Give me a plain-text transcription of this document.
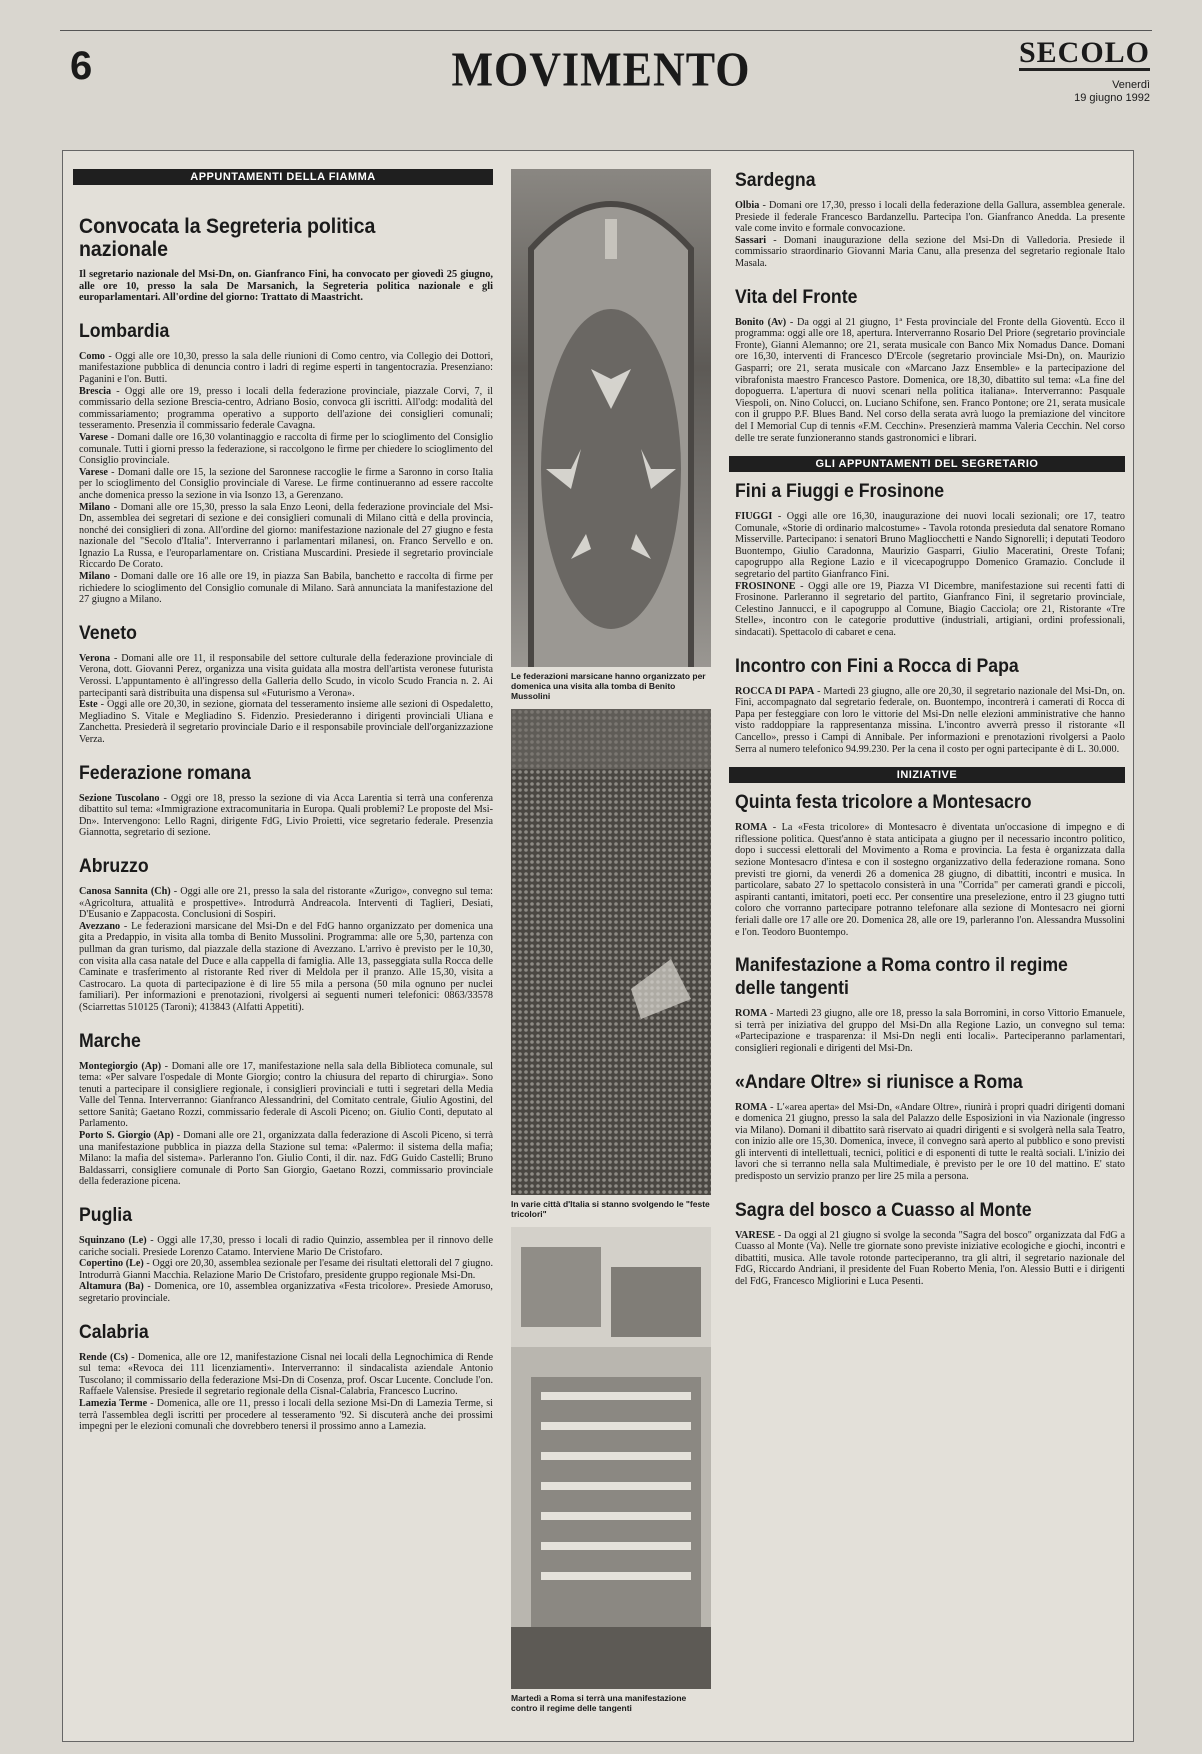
6	MOVIMENTO	SECOLO
Venerdì
19 giugno 1992
APPUNTAMENTI DELLA FIAMMA
Convocata la Segreteria politica nazionale

Il segretario nazionale del Msi-Dn, on. Gianfranco Fini, ha convocato per giovedì 25 giugno, alle ore 10, presso la sala De Marsanich, la Segreteria politica nazionale e gli europarlamentari. All'ordine del giorno: Trattato di Maastricht.

Lombardia

Como - Oggi alle ore 10,30, presso la sala delle riunioni di Como centro, via Collegio dei Dottori, manifestazione pubblica di denuncia contro i ladri di regime esperti in tangentocrazia. Presenziano: Paganini e l'on. Butti.

Brescia - Oggi alle ore 19, presso i locali della federazione provinciale, piazzale Corvi, 7, il commissario della sezione Brescia-centro, Adriano Bosio, convoca gli iscritti. All'odg: modalità del commissariamento; programma operativo a supporto dell'azione dei consiglieri comunali; tesseramento. Presenzia il commissario federale Cavagna.

Varese - Domani dalle ore 16,30 volantinaggio e raccolta di firme per lo scioglimento del Consiglio comunale. Tutti i giorni presso la federazione, si raccolgono le firme per chiedere lo scioglimento del Consiglio provinciale.

Varese - Domani dalle ore 15, la sezione del Saronnese raccoglie le firme a Saronno in corso Italia per lo scioglimento del Consiglio provinciale di Varese. Le firme continueranno ad essere raccolte anche domenica presso la sezione in via Isonzo 13, a Gerenzano.

Milano - Domani alle ore 15,30, presso la sala Enzo Leoni, della federazione provinciale del Msi-Dn, assemblea dei segretari di sezione e dei consiglieri comunali di Milano città e della provincia, nonché dei consiglieri di zona. All'ordine del giorno: manifestazione nazionale del 27 giugno e festa nazionale del "Secolo d'Italia". Interverranno i parlamentari milanesi, on. Franco Servello e on. Ignazio La Russa, e l'europarlamentare on. Cristiana Muscardini. Presiede il segretario provinciale Riccardo De Corato.

Milano - Domani dalle ore 16 alle ore 19, in piazza San Babila, banchetto e raccolta di firme per richiedere lo scioglimento del Consiglio comunale di Milano. Sarà annunciata la manifestazione del 27 giugno a Milano.

Veneto

Verona - Domani alle ore 11, il responsabile del settore culturale della federazione provinciale di Verona, dott. Giovanni Perez, organizza una visita guidata alla mostra dell'artista veronese futurista Verossi. L'appuntamento è all'ingresso della Galleria dello Scudo, in vicolo Scudo Francia n. 2. Ai partecipanti sarà distribuita una dispensa sul «Futurismo a Verona».

Este - Oggi alle ore 20,30, in sezione, giornata del tesseramento insieme alle sezioni di Ospedaletto, Megliadino S. Vitale e Megliadino S. Fidenzio. Presiederanno i dirigenti provinciali Uliana e Zanchetta. Presiederà il segretario provinciale Dario e il responsabile provinciale dell'organizzazione Verza.

Federazione romana

Sezione Tuscolano - Oggi ore 18, presso la sezione di via Acca Larentia si terrà una conferenza dibattito sul tema: «Immigrazione extracomunitaria in Europa. Quali problemi? Le proposte del Msi-Dn». Intervengono: Lello Ragni, dirigente FdG, Livio Proietti, vice segretario federale. Presenzia Giannotta, segretario di sezione.

Abruzzo

Canosa Sannita (Ch) - Oggi alle ore 21, presso la sala del ristorante «Zurigo», convegno sul tema: «Agricoltura, attualità e prospettive». Introdurrà Andreacola. Interventi di Taglieri, Desiati, D'Eusanio e Zappacosta. Conclusioni di Sospiri.

Avezzano - Le federazioni marsicane del Msi-Dn e del FdG hanno organizzato per domenica una gita a Predappio, in visita alla tomba di Benito Mussolini. Programma: alle ore 5,30, partenza con pullman da gran turismo, dal piazzale della stazione di Avezzano. L'arrivo è previsto per le 10,30, con visita alla casa natale del Duce e alla cappella di famiglia. Alle 13, passeggiata sulla Rocca delle Caminate e trasferimento al ristorante Red river di Meldola per il pranzo. Alle 15,30, visita a Castrocaro. La quota di partecipazione è di lire 55 mila a persona (50 mila ognuno per nuclei familiari). Per informazioni e prenotazioni, rivolgersi ai seguenti numeri telefonici: 0863/33578 (Sciarrettas 510125 (Taroni); 413843 (Alfatti Appetiti).

Marche

Montegiorgio (Ap) - Domani alle ore 17, manifestazione nella sala della Biblioteca comunale, sul tema: «Per salvare l'ospedale di Monte Giorgio; contro la chiusura del reparto di chirurgia». Sono tenuti a partecipare il consigliere regionale, i consiglieri provinciali e tutti i segretari della Media Valle del Tenna. Interverranno: Gianfranco Alessandrini, del Comitato centrale, Giulio Agostini, del settore Sanità; Gaetano Rozzi, commissario federale di Ascoli Piceno; on. Giulio Conti, deputato al Parlamento.

Porto S. Giorgio (Ap) - Domani alle ore 21, organizzata dalla federazione di Ascoli Piceno, si terrà una manifestazione pubblica in piazza della Stazione sul tema: «Palermo: il sistema della mafia; Milano: la mafia del sistema». Parleranno l'on. Giulio Conti, il dir. naz. FdG Guido Castelli; Bruno Baldassarri, consigliere comunale di Porto San Giorgio, Gaetano Rozzi, commissario provinciale della federazione picena.

Puglia

Squinzano (Le) - Oggi alle 17,30, presso i locali di radio Quinzio, assemblea per il rinnovo delle cariche sociali. Presiede Lorenzo Catamo. Interviene Mario De Cristofaro.

Copertino (Le) - Oggi ore 20,30, assemblea sezionale per l'esame dei risultati elettorali del 7 giugno. Introdurrà Gianni Macchia. Relazione Mario De Cristofaro, presidente gruppo regionale Msi-Dn.

Altamura (Ba) - Domenica, ore 10, assemblea organizzativa «Festa tricolore». Presiede Amoruso, segretario provinciale.

Calabria

Rende (Cs) - Domenica, alle ore 12, manifestazione Cisnal nei locali della Legnochimica di Rende sul tema: «Revoca dei 111 licenziamenti». Interverranno: il sindacalista aziendale Antonio Tuscolano; il commissario della federazione Msi-Dn di Cosenza, prof. Oscar Lucente. Conclude l'on. Raffaele Valensise. Presiede il segretario regionale della Cisnal-Calabria, Francesco Lucrino.

Lamezia Terme - Domenica, alle ore 11, presso i locali della sezione Msi-Dn di Lamezia Terme, si terrà l'assemblea degli iscritti per procedere al tesseramento '92. Si discuterà anche dei prossimi impegni per le elezioni comunali che dovrebbero tenersi il prossimo anno a Lamezia.

Le federazioni marsicane hanno organizzato per domenica una visita alla tomba di Benito Mussolini
In varie città d'Italia si stanno svolgendo le "feste tricolori"
Martedì a Roma si terrà una manifestazione contro il regime delle tangenti
Sardegna

Olbia - Domani ore 17,30, presso i locali della federazione della Gallura, assemblea generale. Presiede il federale Francesco Bardanzellu. Partecipa l'on. Gianfranco Anedda. La presente vale come invito e formale convocazione.

Sassari - Domani inaugurazione della sezione del Msi-Dn di Valledoria. Presiede il commissario straordinario Giovanni Maria Canu, alla presenza del segretario regionale Italo Masala.

Vita del Fronte

Bonito (Av) - Da oggi al 21 giugno, 1ª Festa provinciale del Fronte della Gioventù. Ecco il programma: oggi alle ore 18, apertura. Interverranno Rosario Del Priore (segretario provinciale Fronte), Gianni Alemanno; ore 21, serata musicale con Banco Mix Nomadus Dance. Domani ore 16,30, interventi di Francesco D'Ercole (segretario provinciale Msi-Dn), on. Maurizio Gasparri; ore 21, serata musicale con «Marcano Jazz Ensemble» e la partecipazione del vibrafonista maestro Francesco Pastore. Domenica, ore 18,30, dibattito sul tema: «La fine del dopoguerra. L'apertura di nuovi scenari nella politica italiana». Interverranno: Pasquale Viespoli, on. Nino Colucci, on. Luciano Schifone, sen. Franco Pontone; ore 21, serata musicale con il gruppo P.F. Blues Band. Nel corso della serata avrà luogo la premiazione del vincitore del I Memorial Cup di tennis «F.M. Cecchin». Presenzierà mamma Valeria Cecchin. Nel corso delle tre serate funzioneranno stands gastronomici e librari.

GLI APPUNTAMENTI DEL SEGRETARIO
Fini a Fiuggi e Frosinone

FIUGGI - Oggi alle ore 16,30, inaugurazione dei nuovi locali sezionali; ore 17, teatro Comunale, «Storie di ordinario malcostume» - Tavola rotonda presieduta dal senatore Romano Misserville. Partecipano: i senatori Bruno Magliocchetti e Nando Signorelli; i deputati Teodoro Buontempo, Giulio Caradonna, Maurizio Gasparri, Giulio Maceratini, Oreste Tofani; capogruppo alla Regione Lazio e il vicecapogruppo Domenico Gramazio. Conclude il segretario del partito Gianfranco Fini.

FROSINONE - Oggi alle ore 19, Piazza VI Dicembre, manifestazione sui recenti fatti di Frosinone. Parleranno il segretario del partito, Gianfranco Fini, il segretario provinciale, Celestino Jannucci, e il capogruppo al Comune, Biagio Cacciola; ore 21, Ristorante «Tre Stelle», incontro con le categorie produttive (industriali, artigiani, ordini professionali, sindacati). Spettacolo di cabaret e cena.

Incontro con Fini a Rocca di Papa

ROCCA DI PAPA - Martedì 23 giugno, alle ore 20,30, il segretario nazionale del Msi-Dn, on. Fini, accompagnato dal segretario federale, on. Buontempo, incontrerà i camerati di Rocca di Papa per festeggiare con loro le vittorie del Msi-Dn nelle elezioni amministrative che hanno visto raddoppiare la rappresentanza missina. L'incontro avverrà presso il ristorante «Il Cancello», presso i Campi di Annibale. Per informazioni e prenotazioni rivolgersi a Paolo Serra al numero telefonico 94.99.230. Per la cena il costo per ogni partecipante è di L. 30.000.

INIZIATIVE
Quinta festa tricolore a Montesacro

ROMA - La «Festa tricolore» di Montesacro è diventata un'occasione di impegno e di riflessione politica. Quest'anno è stata anticipata a giugno per il necessario incontro politico, dopo i successi elettorali del Movimento a Roma e provincia. La festa è organizzata dalla sezione Montesacro d'intesa e con il sostegno organizzativo della federazione romana. Sono previsti tre giorni, da venerdì 26 a domenica 28 giugno, di dibattiti, incontri e musica. In particolare, sabato 27 lo spettacolo consisterà in una "Corrida" per cameratì grandi e piccoli, aspiranti cantanti, imitatori, poeti ecc. Per consentire una preselezione, entro il 23 giugno tutti coloro che vorranno partecipare potranno telefonare alla sezione di Montesacro nei giorni feriali dalle ore 17 alle ore 20. Domenica 28, alle ore 19, parleranno l'on. Alessandra Mussolini e l'on. Teodoro Buontempo.

Manifestazione a Roma contro il regime delle tangenti

ROMA - Martedì 23 giugno, alle ore 18, presso la sala Borromini, in corso Vittorio Emanuele, si terrà per iniziativa del gruppo del Msi-Dn alla Regione Lazio, un convegno sul tema: «Partecipazione e trasparenza: il Msi-Dn negli enti locali». Parteciperanno parlamentari, consiglieri regionali e dirigenti del Msi-Dn.

«Andare Oltre» si riunisce a Roma

ROMA - L'«area aperta» del Msi-Dn, «Andare Oltre», riunirà i propri quadri dirigenti domani e domenica 21 giugno, presso la sala del Palazzo delle Esposizioni in via Nazionale (ingresso via Milano). Domani il dibattito sarà riservato ai quadri dirigenti e si svolgerà nella sala Teatro, con inizio alle ore 15,30. Domenica, invece, il convegno sarà aperto al pubblico e sono previsti gli interventi di intellettuali, tecnici, politici e di esponenti di tutte le realtà sociali. L'inizio dei lavori che si terranno nella sala Multimediale, è previsto per le ore 10 del mattino. E' stato predisposto un servizio pranzo per lire 25 mila a persona.

Sagra del bosco a Cuasso al Monte

VARESE - Da oggi al 21 giugno si svolge la seconda "Sagra del bosco" organizzata dal FdG a Cuasso al Monte (Va). Nelle tre giornate sono previste iniziative ecologiche e giochi, incontri e dibattiti, musica. Alle tavole rotonde parteciperanno, tra gli altri, il segretario nazionale del FdG, Riccardo Andriani, il presidente del Fuan Roberto Menia, l'on. Alessio Butti e i dirigenti del FdG, Francesco Migliorini e Luca Pesenti.
